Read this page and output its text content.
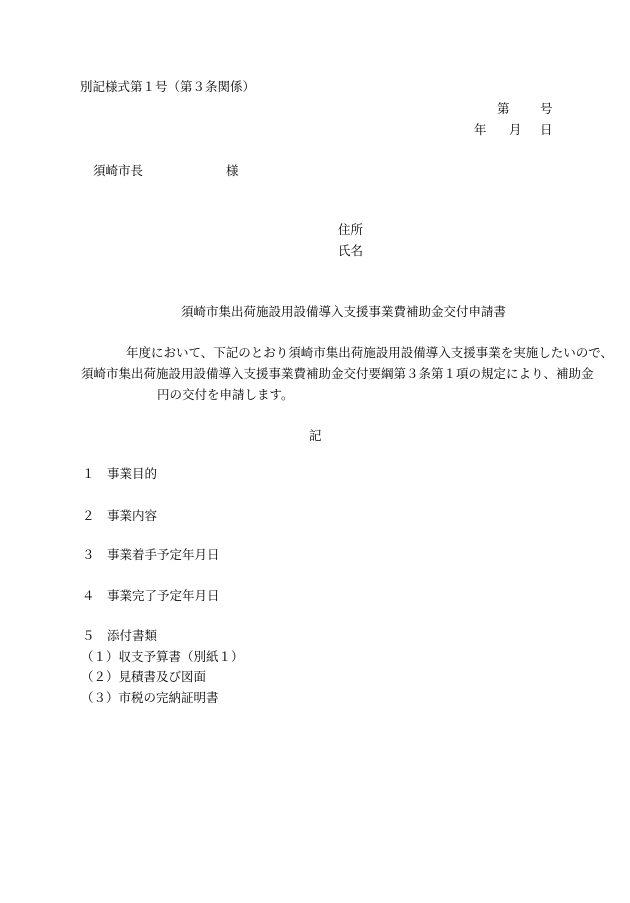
別記様式第１号（第３条関係）
第 号
年 月 日
須崎市長	様
住所
氏名
須崎市集出荷施設用設備導入支援事業費補助金交付申請書
年度において、下記のとおり須崎市集出荷施設用設備導入支援事業を実施したいので、
須崎市集出荷施設用設備導入支援事業費補助金交付要綱第３条第１項の規定により、補助金
円の交付を申請します。
記
１　事業目的
２　事業内容
３　事業着手予定年月日
４　事業完了予定年月日
５　添付書類
（１）収支予算書（別紙１）
（２）見積書及び図面
（３）市税の完納証明書
